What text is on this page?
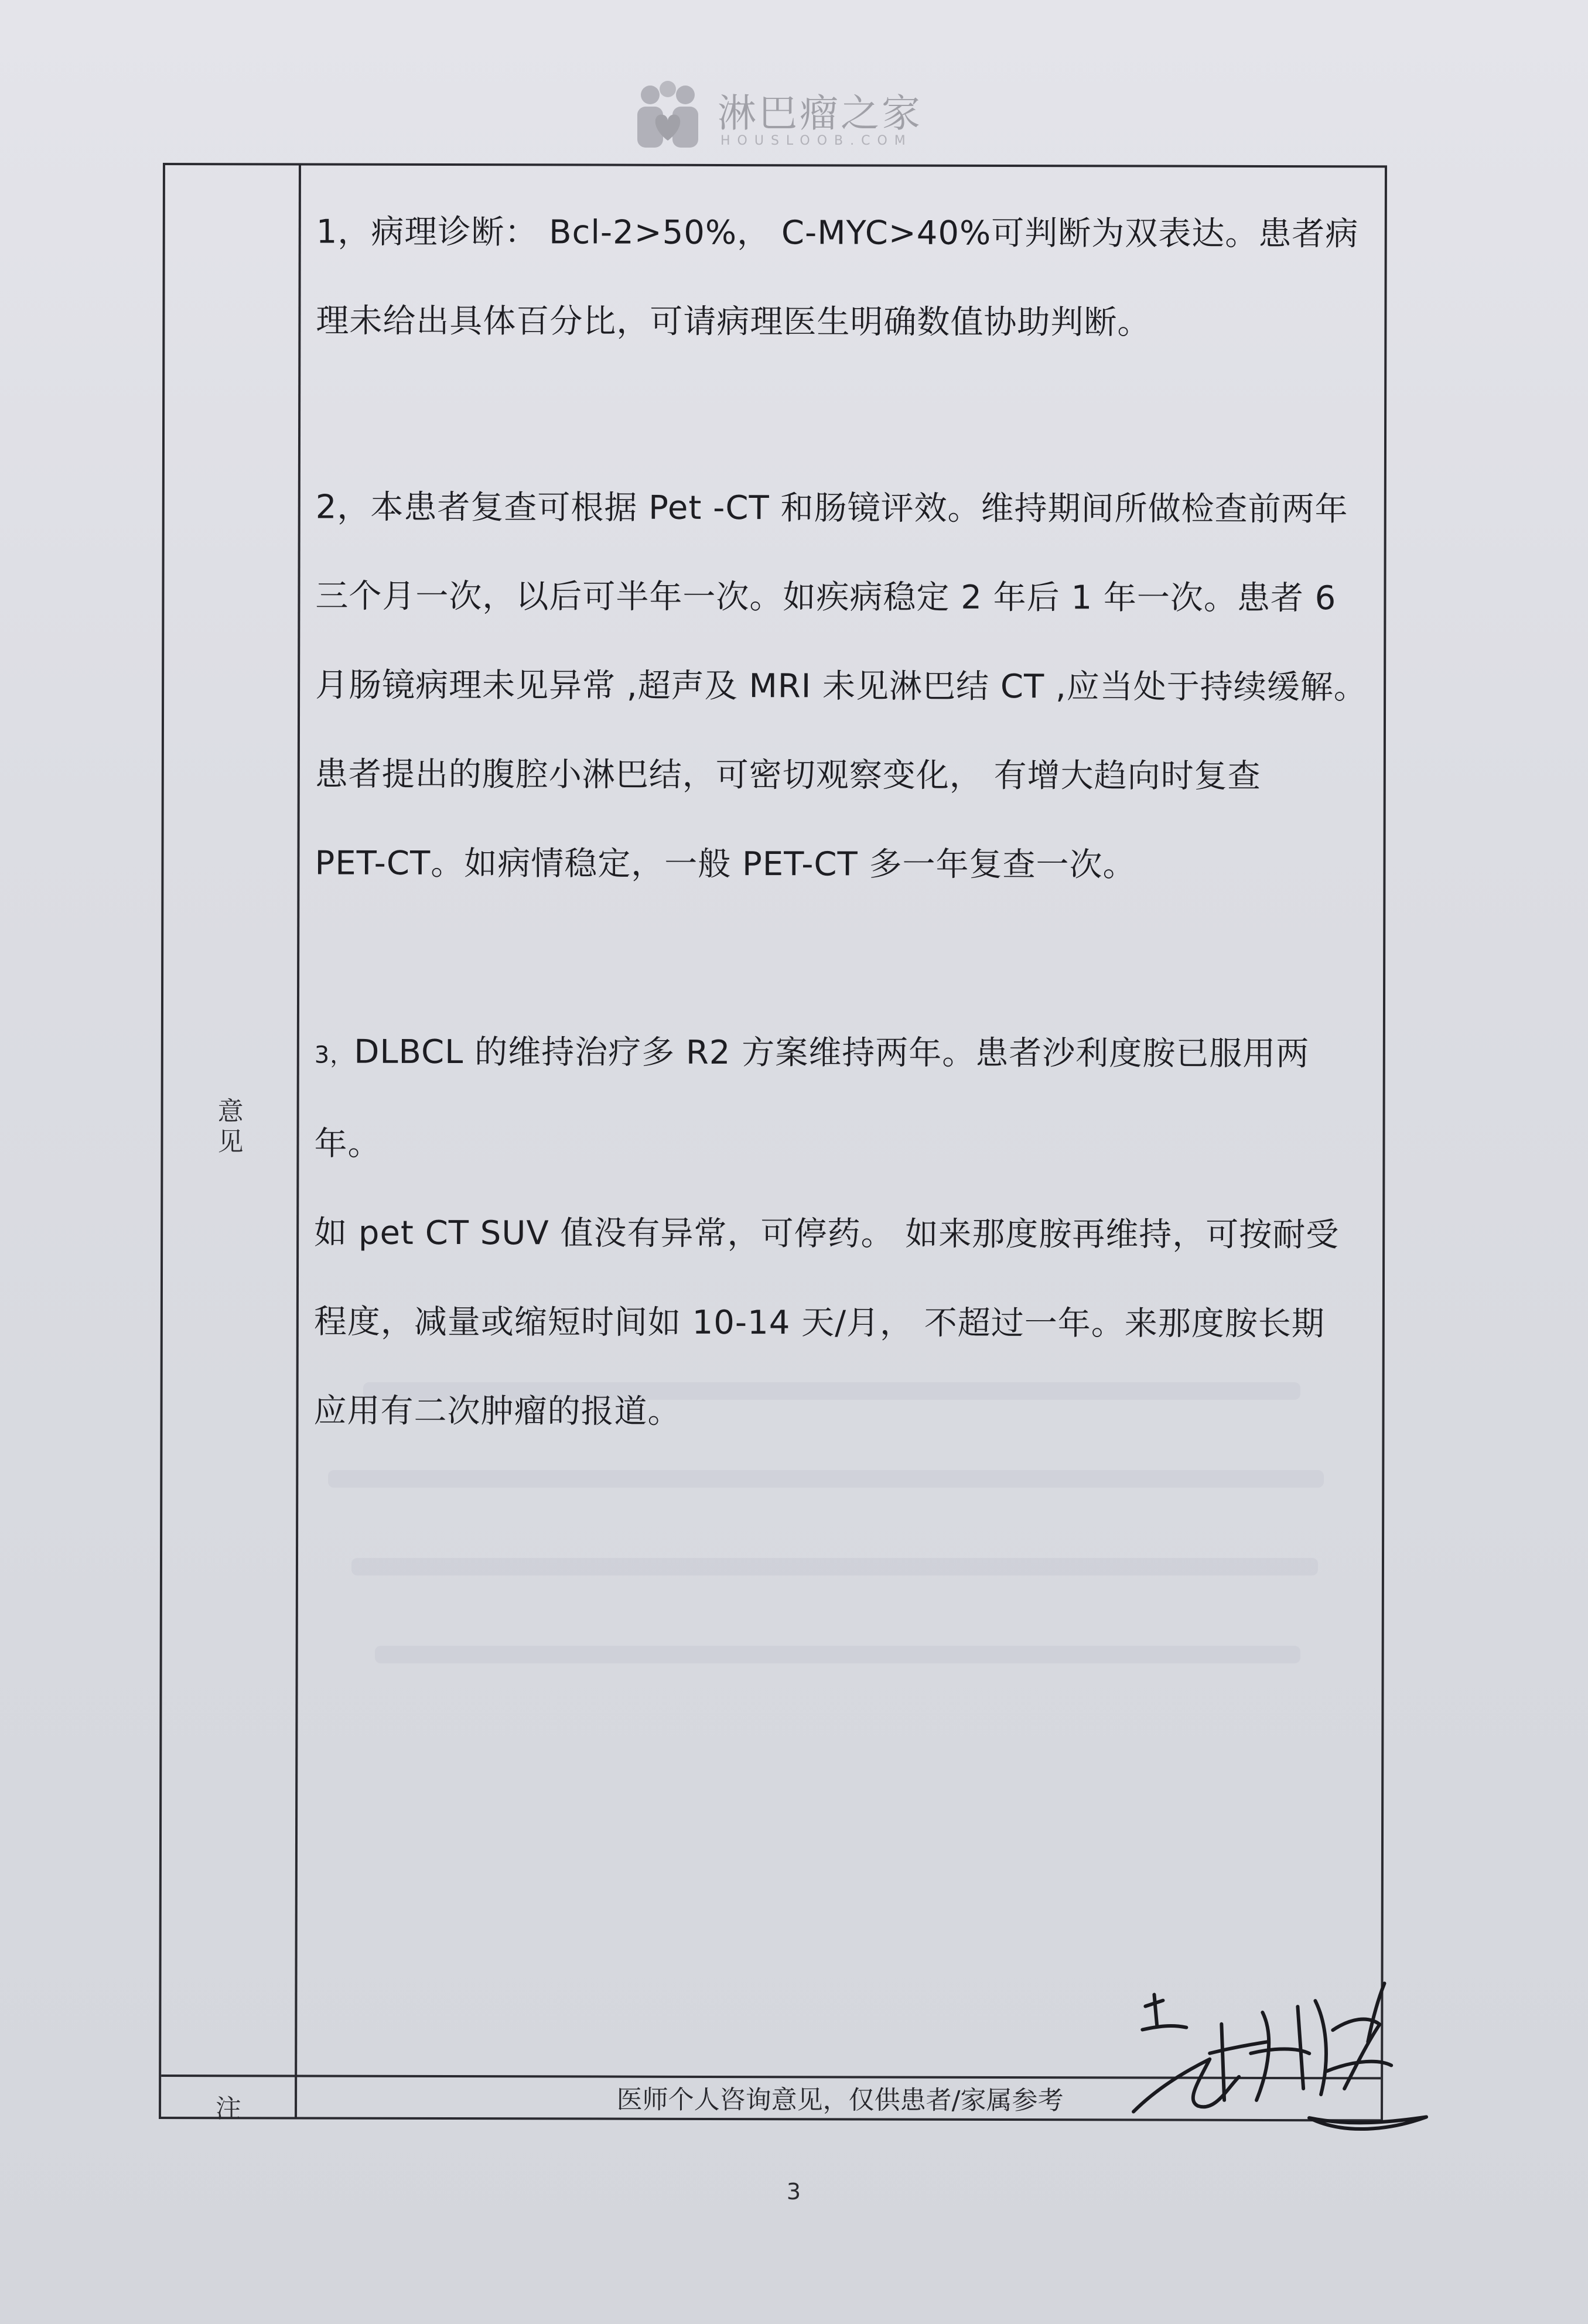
淋巴瘤之家
HOUSLOOB.COM
意见
注	医师个人咨询意见，仅供患者/家属参考
1，病理诊断： Bcl-2>50%， C-MYC>40%可判断为双表达。患者病
理未给出具体百分比，可请病理医生明确数值协助判断。
2，本患者复查可根据 Pet -CT 和肠镜评效。维持期间所做检查前两年
三个月一次，以后可半年一次。如疾病稳定 2 年后 1 年一次。患者 6
月肠镜病理未见异常 ,超声及 MRI 未见淋巴结 CT ,应当处于持续缓解。
患者提出的腹腔小淋巴结，可密切观察变化， 有增大趋向时复查
PET-CT。如病情稳定，一般 PET-CT 多一年复查一次。
3，DLBCL 的维持治疗多 R2 方案维持两年。患者沙利度胺已服用两年。
如 pet CT SUV 值没有异常，可停药。 如来那度胺再维持，可按耐受
程度，减量或缩短时间如 10-14 天/月， 不超过一年。来那度胺长期
应用有二次肿瘤的报道。
3
